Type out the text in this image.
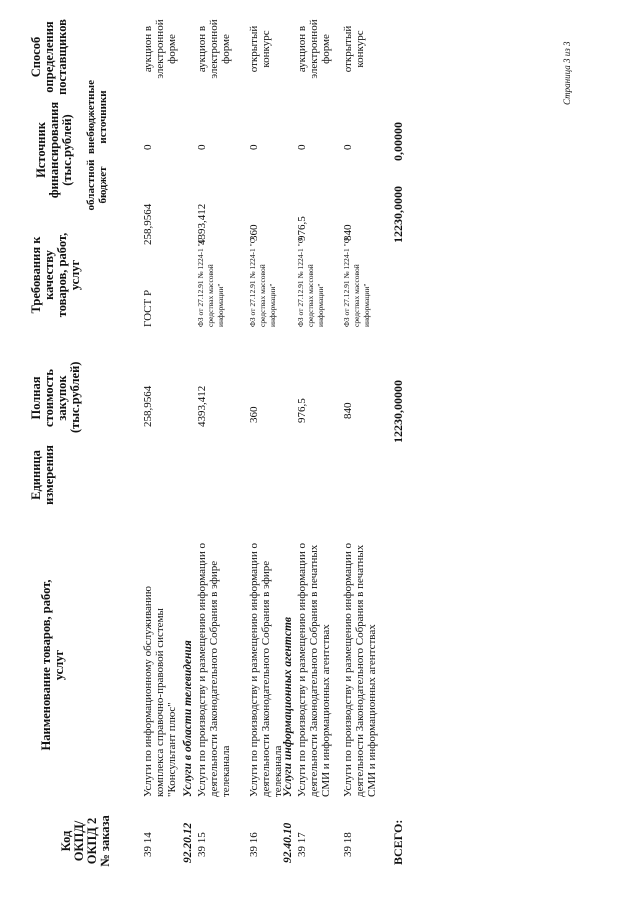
Код ОКПД/ ОКПД 2 № заказа
Наименование товаров, работ, услуг
Единица измерения
Полная стоимость закупок (тыс.рублей)
Требования к качеству товаров, работ, услуг
Источник финансирования (тыс.рублей) областной бюджет
внебюджетные источники
Способ определения поставщиков
39 14
Услуги по информационному обслуживанию комплекса справочно-правовой системы "Консультант плюс"
258,9564
ГОСТ Р
258,9564
0
аукцион в электронной форме
92.20.12
Услуги в области телевидения
39 15
Услуги по производству и размещению информации о деятельности Законодательного Собрания в эфире телеканала
4393,412
ФЗ от 27.12.91 № 1224-1 "О средствах массовой информации"
4393,412
0
аукцион в электронной форме
39 16
Услуги по производству и размещению информации о деятельности Законодательного Собрания в эфире телеканала
360
ФЗ от 27.12.91 № 1224-1 "О средствах массовой информации"
360
0
открытый конкурс
92.40.10
Услуги информационных агентств
39 17
Услуги по производству и размещению информации о деятельности Законодательного Собрания в печатных СМИ и информационных агентствах
976,5
ФЗ от 27.12.91 № 1224-1 "О средствах массовой информации"
976,5
0
аукцион в электронной форме
39 18
Услуги по производству и размещению информации о деятельности Законодательного Собрания в печатных СМИ и информационных агентствах
840
ФЗ от 27.12.91 № 1224-1 "О средствах массовой информации"
840
0
открытый конкурс
ВСЕГО:
12230,00000
12230,0000
0,00000
Страница 3 из 3
